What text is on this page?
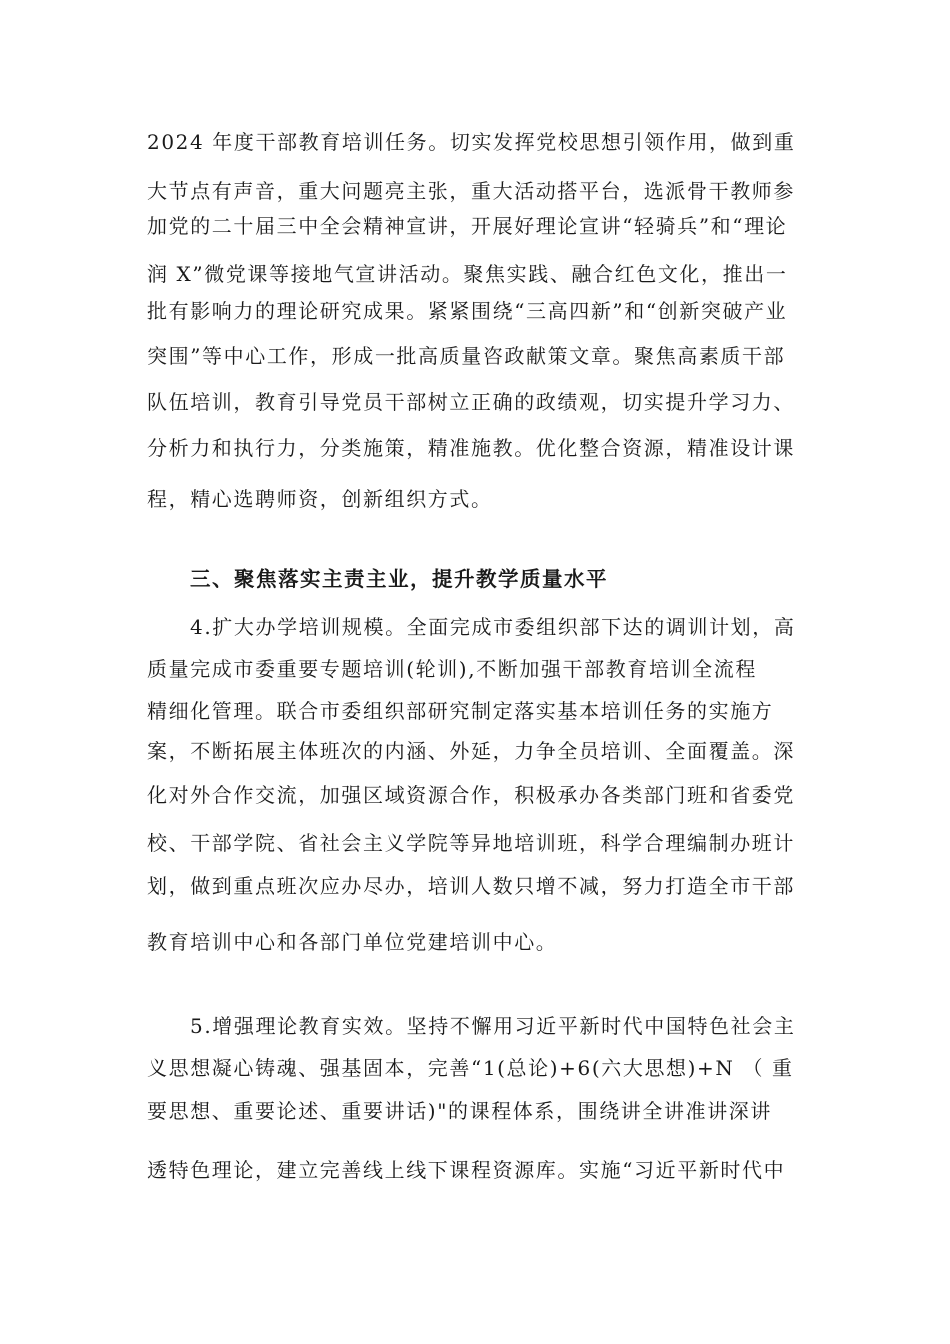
2024 年度干部教育培训任务。切实发挥党校思想引领作用，做到重
大节点有声音，重大问题亮主张，重大活动搭平台，选派骨干教师参
加党的二十届三中全会精神宣讲，开展好理论宣讲“轻骑兵”和“理论
润 X”微党课等接地气宣讲活动。聚焦实践、融合红色文化，推出一
批有影响力的理论研究成果。紧紧围绕“三高四新”和“创新突破产业
突围”等中心工作，形成一批高质量咨政献策文章。聚焦高素质干部
队伍培训，教育引导党员干部树立正确的政绩观，切实提升学习力、
分析力和执行力，分类施策，精准施教。优化整合资源，精准设计课
程，精心选聘师资，创新组织方式。
三、聚焦落实主责主业，提升教学质量水平
4.扩大办学培训规模。全面完成市委组织部下达的调训计划，高
质量完成市委重要专题培训(轮训),不断加强干部教育培训全流程
精细化管理。联合市委组织部研究制定落实基本培训任务的实施方
案，不断拓展主体班次的内涵、外延，力争全员培训、全面覆盖。深
化对外合作交流，加强区域资源合作，积极承办各类部门班和省委党
校、干部学院、省社会主义学院等异地培训班，科学合理编制办班计
划，做到重点班次应办尽办，培训人数只增不减，努力打造全市干部
教育培训中心和各部门单位党建培训中心。
5.增强理论教育实效。坚持不懈用习近平新时代中国特色社会主
义思想凝心铸魂、强基固本，完善“1(总论)+6(六大思想)+N （ 重
要思想、重要论述、重要讲话)"的课程体系，围绕讲全讲准讲深讲
透特色理论，建立完善线上线下课程资源库。实施“习近平新时代中
